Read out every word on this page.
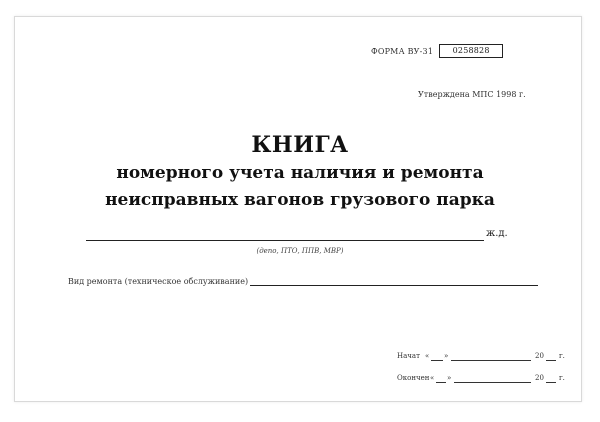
ФОРМА ВУ-31	0258828
Утверждена МПС 1998 г.
КНИГА
номерного учета наличия и ремонта
неисправных вагонов грузового парка
ж.д.
(депо, ПТО, ППВ, МВР)
Вид ремонта (техническое обслуживание)
Начат « »	20 г.
Окончен « »	20 г.
